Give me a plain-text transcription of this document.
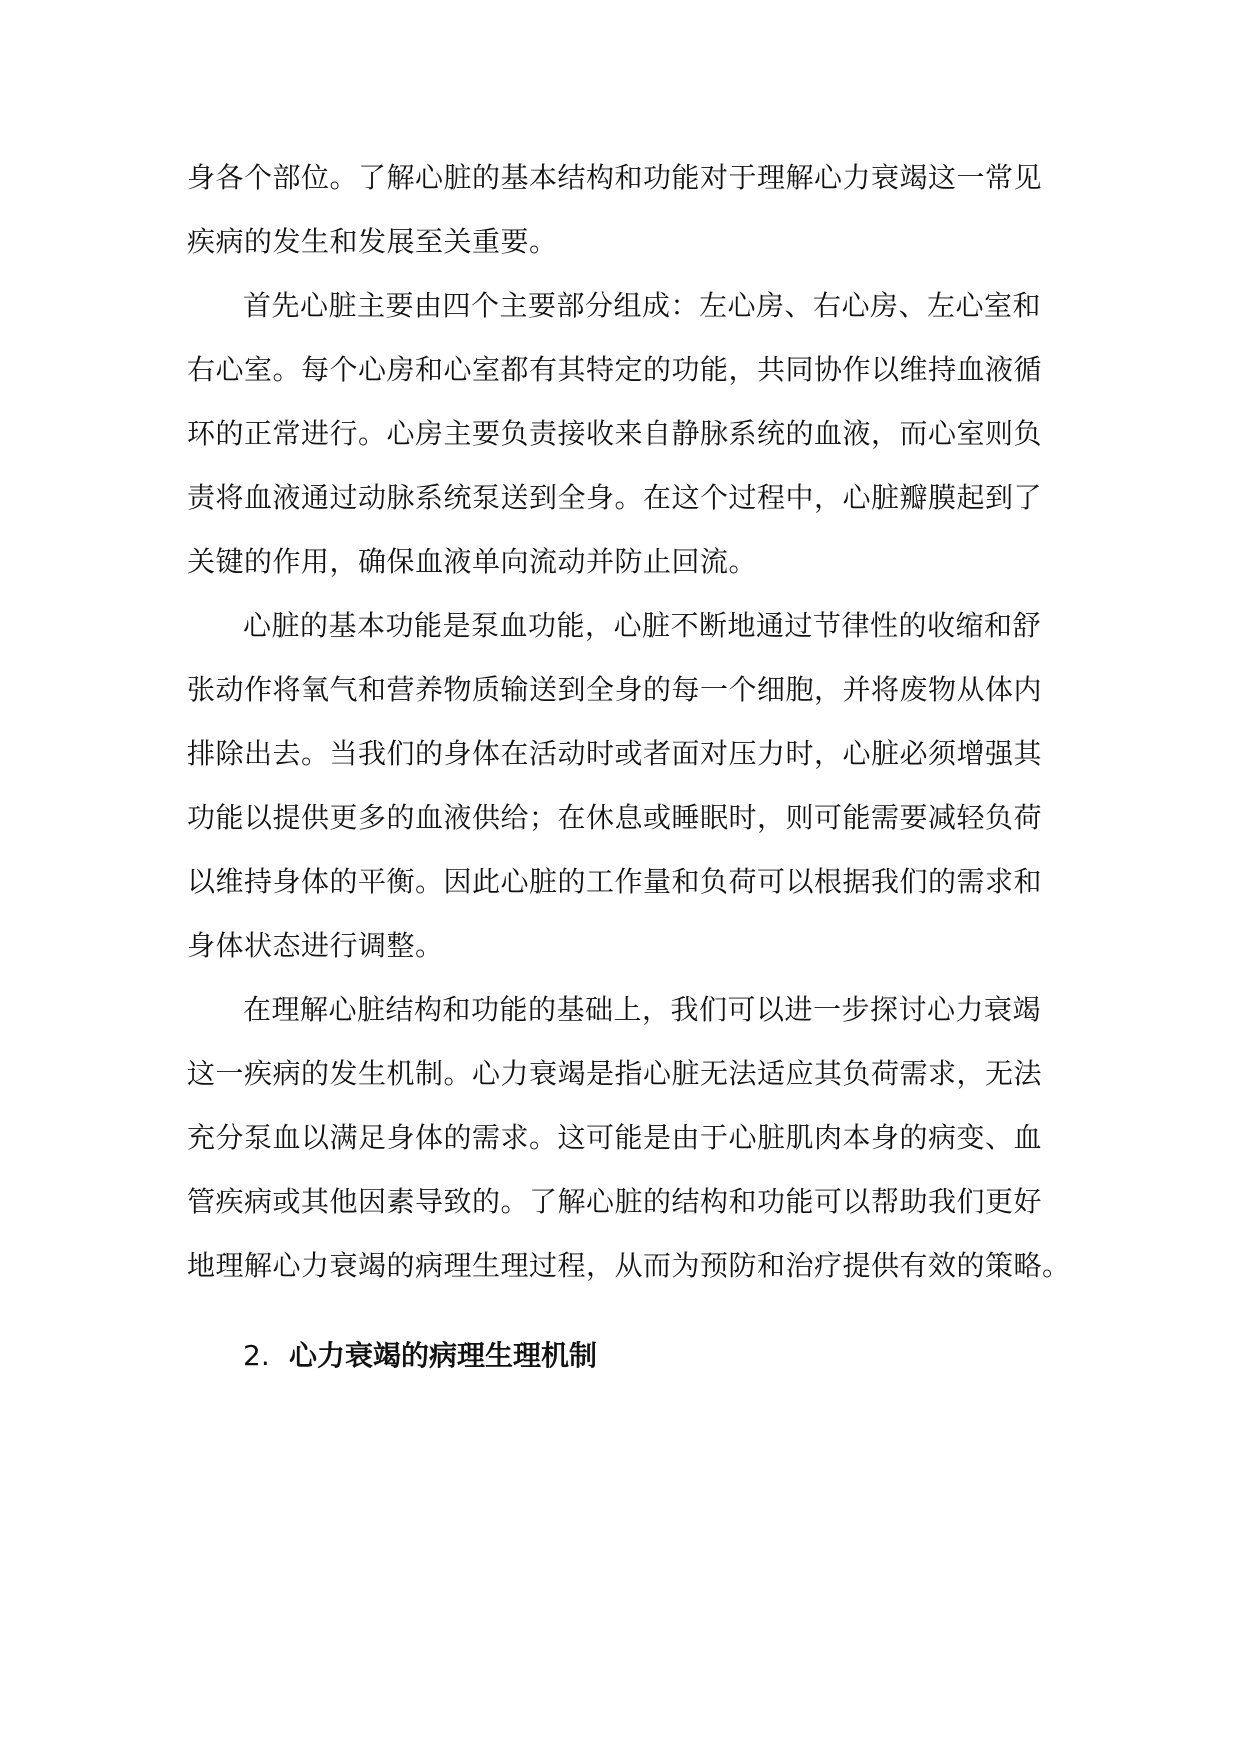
身各个部位。了解心脏的基本结构和功能对于理解心力衰竭这一常见
疾病的发生和发展至关重要。
首先心脏主要由四个主要部分组成：左心房、右心房、左心室和
右心室。每个心房和心室都有其特定的功能，共同协作以维持血液循
环的正常进行。心房主要负责接收来自静脉系统的血液，而心室则负
责将血液通过动脉系统泵送到全身。在这个过程中，心脏瓣膜起到了
关键的作用，确保血液单向流动并防止回流。
心脏的基本功能是泵血功能，心脏不断地通过节律性的收缩和舒
张动作将氧气和营养物质输送到全身的每一个细胞，并将废物从体内
排除出去。当我们的身体在活动时或者面对压力时，心脏必须增强其
功能以提供更多的血液供给；在休息或睡眠时，则可能需要减轻负荷
以维持身体的平衡。因此心脏的工作量和负荷可以根据我们的需求和
身体状态进行调整。
在理解心脏结构和功能的基础上，我们可以进一步探讨心力衰竭
这一疾病的发生机制。心力衰竭是指心脏无法适应其负荷需求，无法
充分泵血以满足身体的需求。这可能是由于心脏肌肉本身的病变、血
管疾病或其他因素导致的。了解心脏的结构和功能可以帮助我们更好
地理解心力衰竭的病理生理过程，从而为预防和治疗提供有效的策略。
2. 心力衰竭的病理生理机制
